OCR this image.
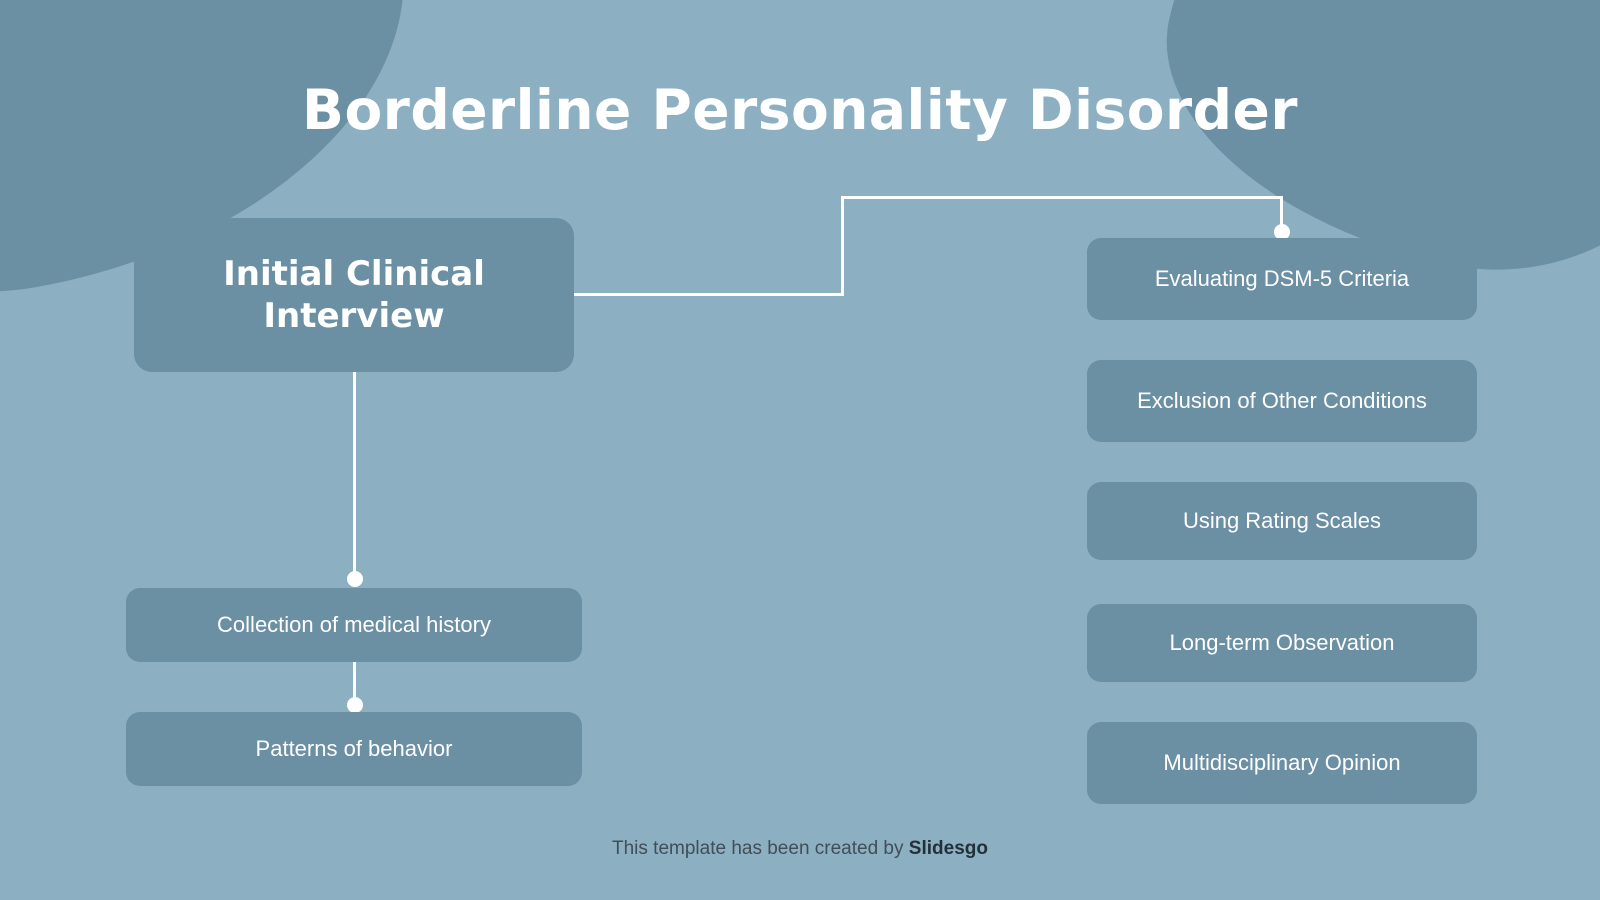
Borderline Personality Disorder
Initial Clinical Interview
Collection of medical history
Patterns of behavior
Evaluating DSM-5 Criteria
Exclusion of Other Conditions
Using Rating Scales
Long-term Observation
Multidisciplinary Opinion
This template has been created by Slidesgo
